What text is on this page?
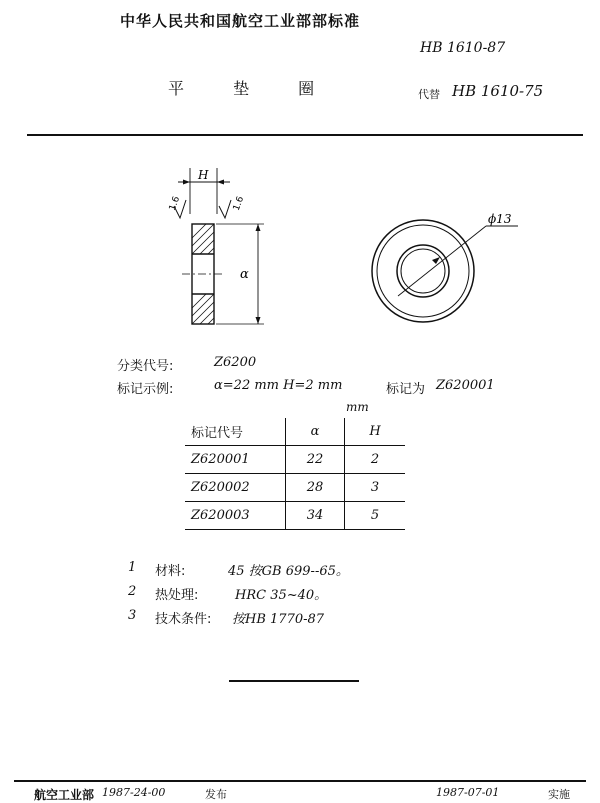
中华人民共和国航空工业部部标准
HB 1610-87
平 垫 圈	代替 HB 1610-75
H
α
1.6	1.6
ϕ13
分类代号:	Z6200
标记示例:	α=22 mm H=2 mm	标记为 Z620001
mm
标记代号	α	H
Z620001	22	2
Z620002	28	3
Z620003	34	5
1 材料:	45 按GB 699--65。
2 热处理:	HRC 35~40。
3 技术条件: 按HB 1770-87
航空工业部 1987-24-00	发布	1987-07-01	实施
